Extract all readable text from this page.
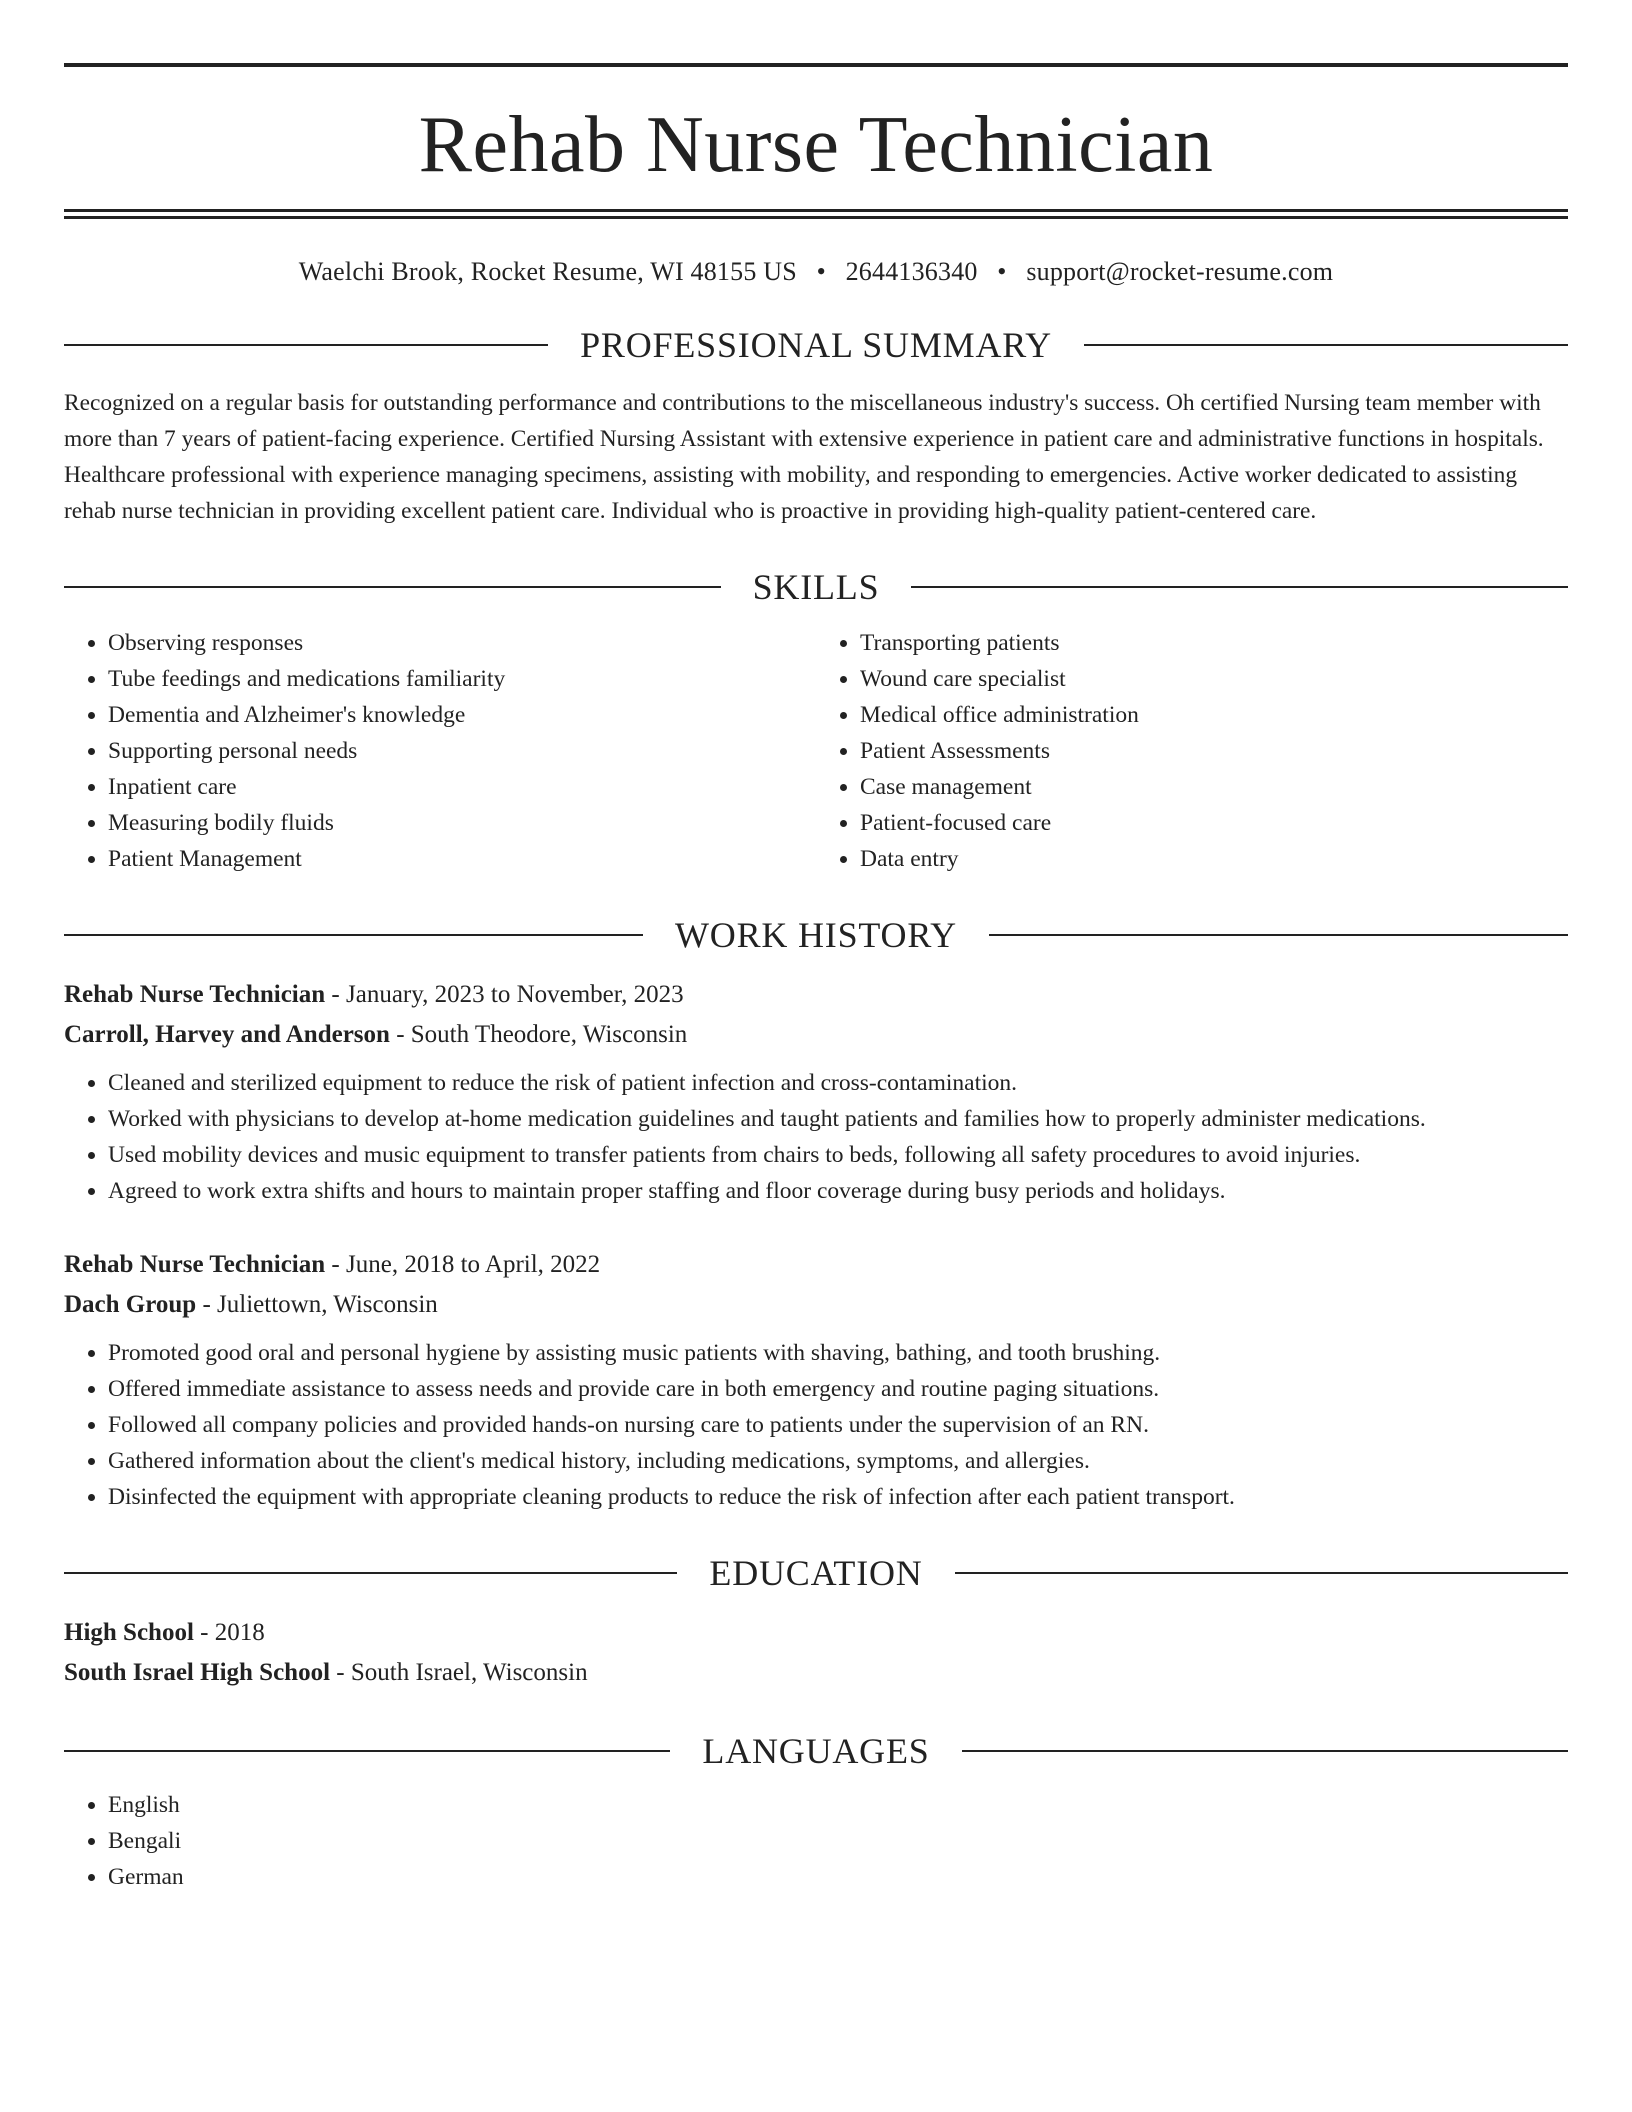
Rehab Nurse Technician
Waelchi Brook, Rocket Resume, WI 48155 US • 2644136340 • support@rocket-resume.com
PROFESSIONAL SUMMARY
Recognized on a regular basis for outstanding performance and contributions to the miscellaneous industry's success. Oh certified Nursing team member with more than 7 years of patient-facing experience. Certified Nursing Assistant with extensive experience in patient care and administrative functions in hospitals. Healthcare professional with experience managing specimens, assisting with mobility, and responding to emergencies. Active worker dedicated to assisting rehab nurse technician in providing excellent patient care. Individual who is proactive in providing high-quality patient-centered care.
SKILLS
• Observing responses
• Tube feedings and medications familiarity
• Dementia and Alzheimer's knowledge
• Supporting personal needs
• Inpatient care
• Measuring bodily fluids
• Patient Management
• Transporting patients
• Wound care specialist
• Medical office administration
• Patient Assessments
• Case management
• Patient-focused care
• Data entry
WORK HISTORY
Rehab Nurse Technician - January, 2023 to November, 2023
Carroll, Harvey and Anderson - South Theodore, Wisconsin
• Cleaned and sterilized equipment to reduce the risk of patient infection and cross-contamination.
• Worked with physicians to develop at-home medication guidelines and taught patients and families how to properly administer medications.
• Used mobility devices and music equipment to transfer patients from chairs to beds, following all safety procedures to avoid injuries.
• Agreed to work extra shifts and hours to maintain proper staffing and floor coverage during busy periods and holidays.
Rehab Nurse Technician - June, 2018 to April, 2022
Dach Group - Juliettown, Wisconsin
• Promoted good oral and personal hygiene by assisting music patients with shaving, bathing, and tooth brushing.
• Offered immediate assistance to assess needs and provide care in both emergency and routine paging situations.
• Followed all company policies and provided hands-on nursing care to patients under the supervision of an RN.
• Gathered information about the client's medical history, including medications, symptoms, and allergies.
• Disinfected the equipment with appropriate cleaning products to reduce the risk of infection after each patient transport.
EDUCATION
High School - 2018
South Israel High School - South Israel, Wisconsin
LANGUAGES
• English
• Bengali
• German
